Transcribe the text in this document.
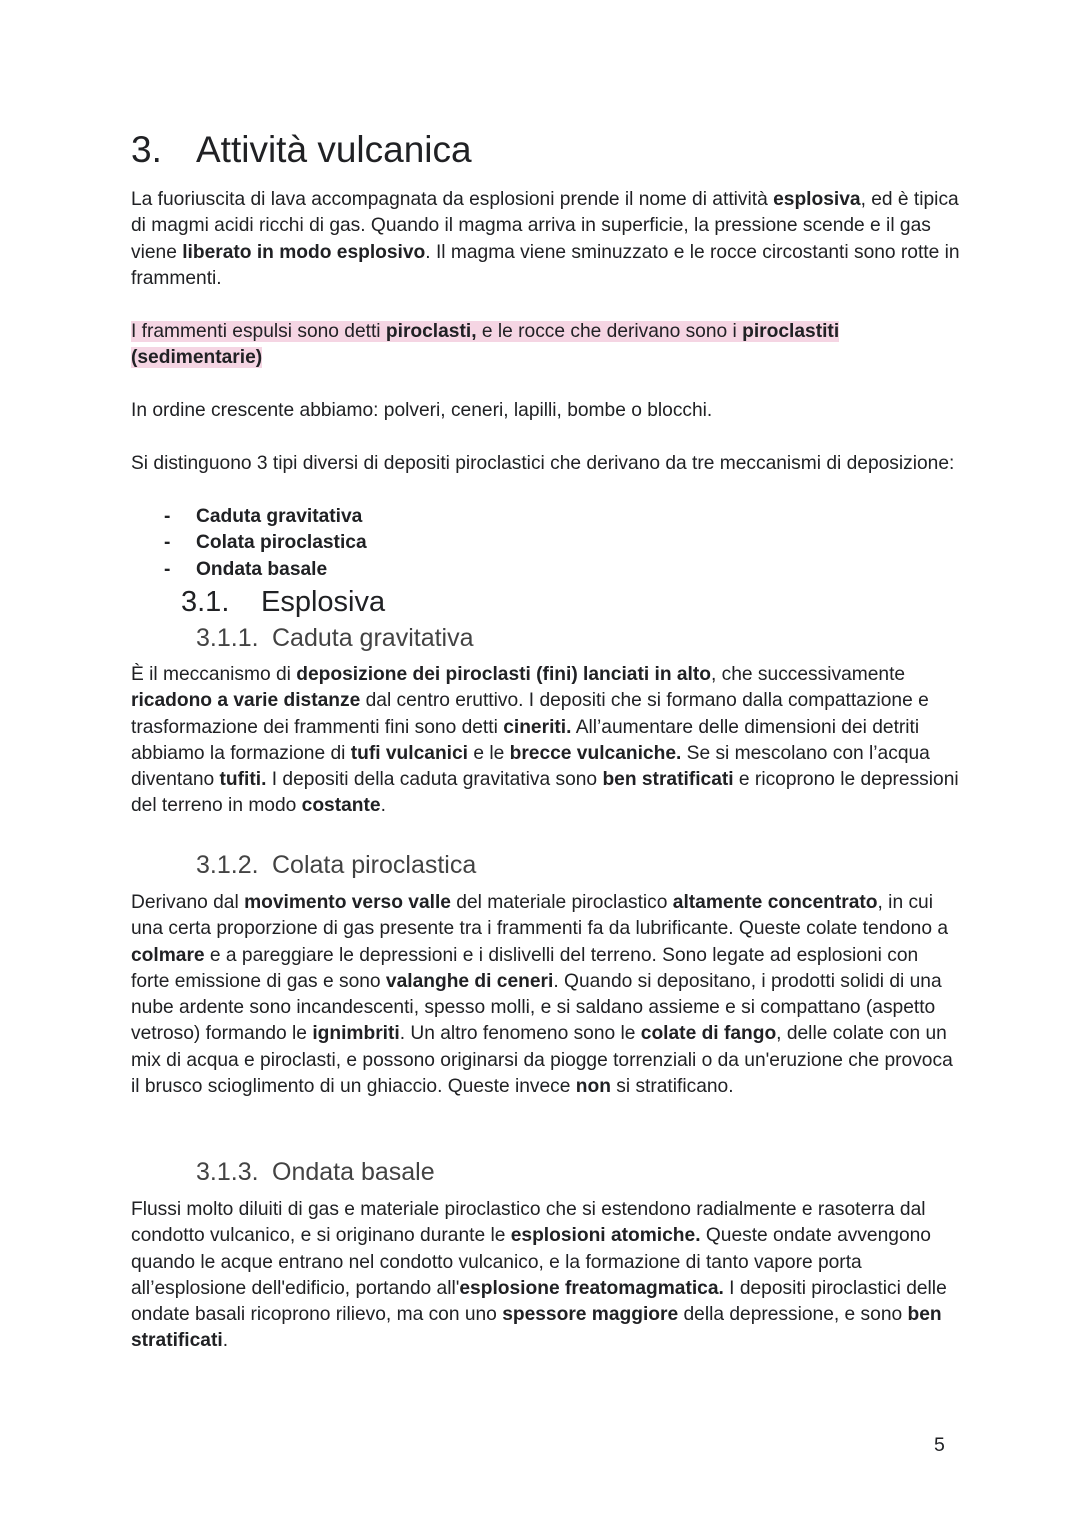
3. Attività vulcanica

La fuoriuscita di lava accompagnata da esplosioni prende il nome di attività esplosiva, ed è tipica di magmi acidi ricchi di gas. Quando il magma arriva in superficie, la pressione scende e il gas viene liberato in modo esplosivo. Il magma viene sminuzzato e le rocce circostanti sono rotte in frammenti.

I frammenti espulsi sono detti piroclasti, e le rocce che derivano sono i piroclastiti (sedimentarie)

In ordine crescente abbiamo: polveri, ceneri, lapilli, bombe o blocchi.

Si distinguono 3 tipi diversi di depositi piroclastici che derivano da tre meccanismi di deposizione:

- Caduta gravitativa
- Colata piroclastica
- Ondata basale
3.1. Esplosiva
3.1.1. Caduta gravitativa

È il meccanismo di deposizione dei piroclasti (fini) lanciati in alto, che successivamente ricadono a varie distanze dal centro eruttivo. I depositi che si formano dalla compattazione e trasformazione dei frammenti fini sono detti cineriti. All’aumentare delle dimensioni dei detriti abbiamo la formazione di tufi vulcanici e le brecce vulcaniche. Se si mescolano con l’acqua diventano tufiti. I depositi della caduta gravitativa sono ben stratificati e ricoprono le depressioni del terreno in modo costante.

3.1.2. Colata piroclastica

Derivano dal movimento verso valle del materiale piroclastico altamente concentrato, in cui una certa proporzione di gas presente tra i frammenti fa da lubrificante. Queste colate tendono a colmare e a pareggiare le depressioni e i dislivelli del terreno. Sono legate ad esplosioni con forte emissione di gas e sono valanghe di ceneri. Quando si depositano, i prodotti solidi di una nube ardente sono incandescenti, spesso molli, e si saldano assieme e si compattano (aspetto vetroso) formando le ignimbriti. Un altro fenomeno sono le colate di fango, delle colate con un mix di acqua e piroclasti, e possono originarsi da piogge torrenziali o da un'eruzione che provoca il brusco scioglimento di un ghiaccio. Queste invece non si stratificano.

3.1.3. Ondata basale

Flussi molto diluiti di gas e materiale piroclastico che si estendono radialmente e rasoterra dal condotto vulcanico, e si originano durante le esplosioni atomiche. Queste ondate avvengono quando le acque entrano nel condotto vulcanico, e la formazione di tanto vapore porta all’esplosione dell'edificio, portando all'esplosione freatomagmatica. I depositi piroclastici delle ondate basali ricoprono rilievo, ma con uno spessore maggiore della depressione, e sono ben stratificati.

5
